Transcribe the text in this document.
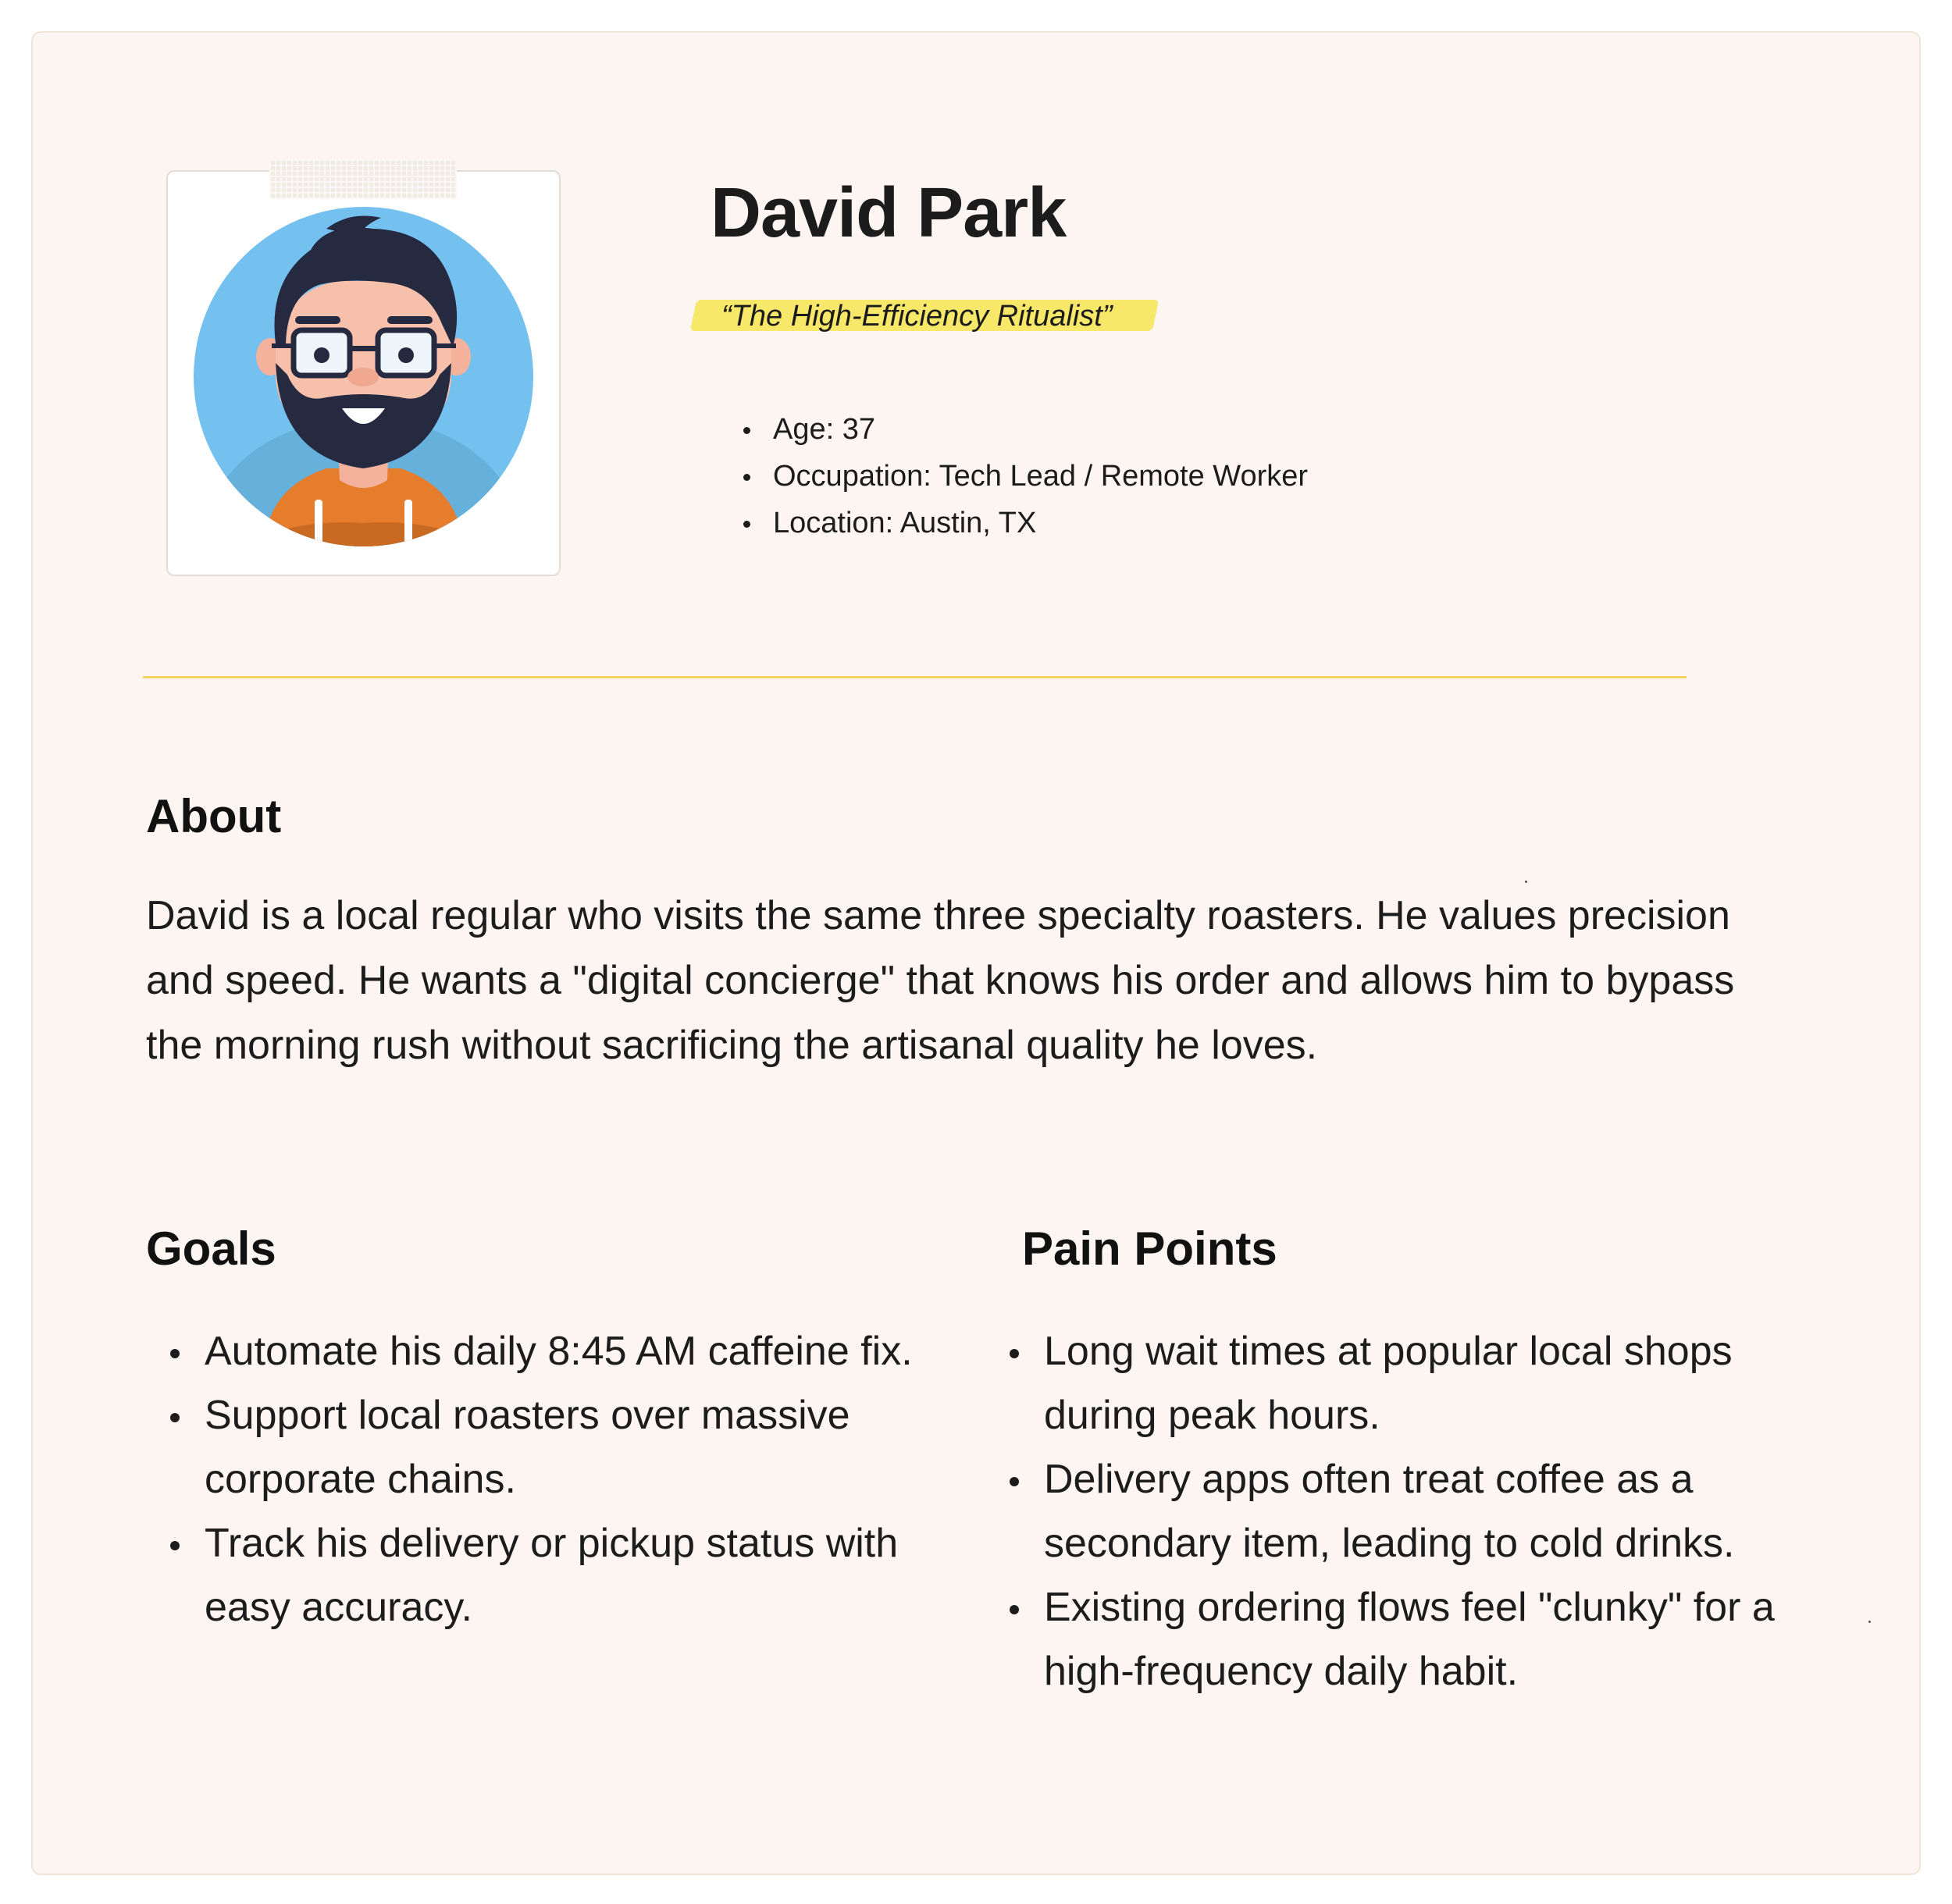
David Park
“The High-Efficiency Ritualist”
Age: 37
Occupation: Tech Lead / Remote Worker
Location: Austin, TX
About

David is a local regular who visits the same three specialty roasters. He values precision and speed. He wants a "digital concierge" that knows his order and allows him to bypass the morning rush without sacrificing the artisanal quality he loves.

Goals
Automate his daily 8:45 AM caffeine fix.
Support local roasters over massive corporate chains.
Track his delivery or pickup status with easy accuracy.
Pain Points
Long wait times at popular local shops during peak hours.
Delivery apps often treat coffee as a secondary item, leading to cold drinks.
Existing ordering flows feel "clunky" for a high-frequency daily habit.
